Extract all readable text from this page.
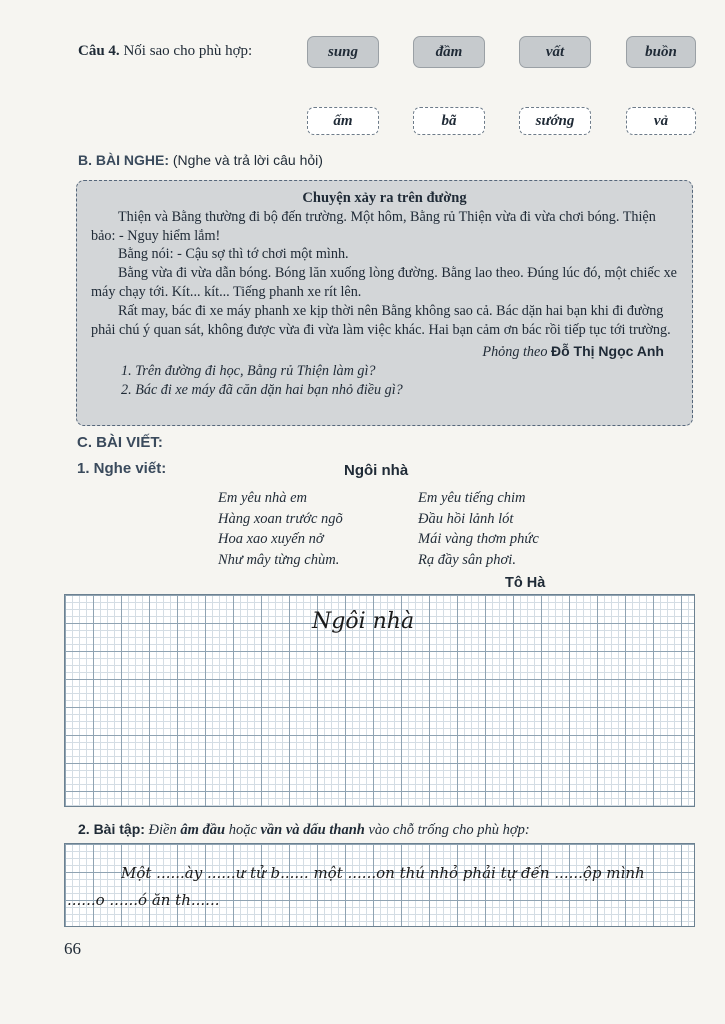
Câu 4. Nối sao cho phù hợp:	sung	đầm	vất	buồn
ấm	bã	sướng	vả
B. BÀI NGHE: (Nghe và trả lời câu hỏi)

Chuyện xảy ra trên đường

Thiện và Bằng thường đi bộ đến trường. Một hôm, Bằng rủ Thiện vừa đi vừa chơi bóng. Thiện bảo: - Nguy hiểm lắm!

Bằng nói: - Cậu sợ thì tớ chơi một mình.

Bằng vừa đi vừa dẫn bóng. Bóng lăn xuống lòng đường. Bằng lao theo. Đúng lúc đó, một chiếc xe máy chạy tới. Kít... kít... Tiếng phanh xe rít lên.

Rất may, bác đi xe máy phanh xe kịp thời nên Bằng không sao cả. Bác dặn hai bạn khi đi đường phải chú ý quan sát, không được vừa đi vừa làm việc khác. Hai bạn cảm ơn bác rồi tiếp tục tới trường.

Phỏng theo Đỗ Thị Ngọc Anh

1. Trên đường đi học, Bằng rủ Thiện làm gì?

2. Bác đi xe máy đã căn dặn hai bạn nhỏ điều gì?

C. BÀI VIẾT:
1. Nghe viết:	Ngôi nhà
Em yêu nhà em
Hàng xoan trước ngõ
Hoa xao xuyến nở
Như mây từng chùm.
Em yêu tiếng chim
Đầu hồi lảnh lót
Mái vàng thơm phức
Rạ đầy sân phơi.
Tô Hà
Ngôi nhà
2. Bài tập: Điền âm đầu hoặc vần và dấu thanh vào chỗ trống cho phù hợp:
Một ......ày ......ư tử b...... một ......on thú nhỏ phải tự đến ......ộp mình
......o ......ó ăn th......
66
